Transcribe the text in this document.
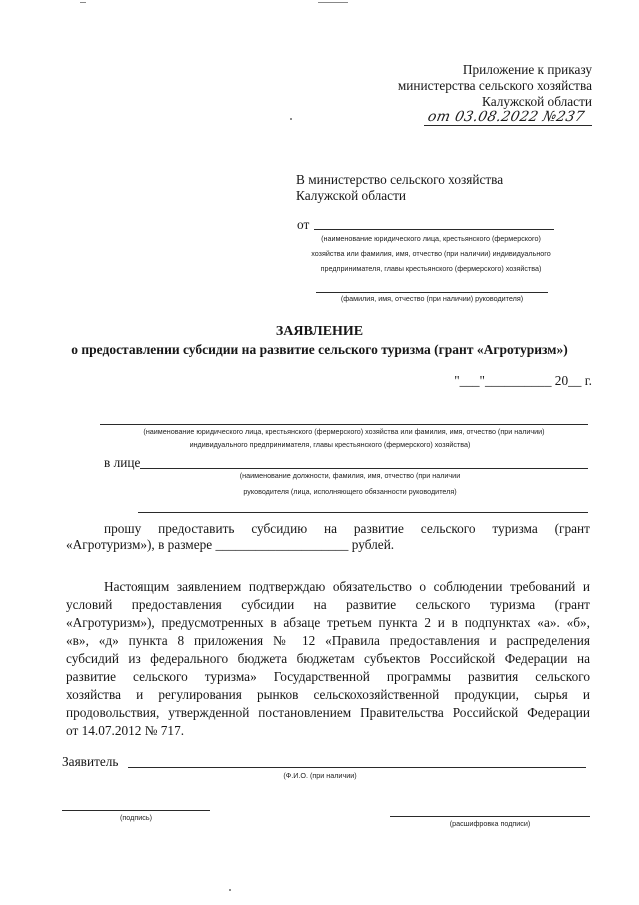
Приложение к приказу
министерства сельского хозяйства
Калужской области
от 03.08.2022 №237
В министерство сельского хозяйства
Калужской области
от
(наименование юридического лица, крестьянского (фермерского)
хозяйства или фамилия, имя, отчество (при наличии) индивидуального
предпринимателя, главы крестьянского (фермерского) хозяйства)
(фамилия, имя, отчество (при наличии) руководителя)
ЗАЯВЛЕНИЕ
о предоставлении субсидии на развитие сельского туризма (грант «Агротуризм»)
"___"__________ 20__ г.
(наименование юридического лица, крестьянского (фермерского) хозяйства или фамилия, имя, отчество (при наличии)
индивидуального предпринимателя, главы крестьянского (фермерского) хозяйства)
в лице
(наименование должности, фамилия, имя, отчество (при наличии
руководителя (лица, исполняющего обязанности руководителя)
прошу предоставить субсидию на развитие сельского туризма (грант
«Агротуризм»), в размере ____________________ рублей.
Настоящим заявлением подтверждаю обязательство о соблюдении требований и
условий предоставления субсидии на развитие сельского туризма (грант
«Агротуризм»), предусмотренных в абзаце третьем пункта 2 и в подпунктах «а». «б»,
«в», «д» пункта 8 приложения № 12 «Правила предоставления и распределения
субсидий из федерального бюджета бюджетам субъектов Российской Федерации на
развитие сельского туризма» Государственной программы развития сельского
хозяйства и регулирования рынков сельскохозяйственной продукции, сырья и
продовольствия, утвержденной постановлением Правительства Российской Федерации
от 14.07.2012 № 717.
Заявитель
(Ф.И.О. (при наличии)
(подпись)
(расшифровка подписи)
